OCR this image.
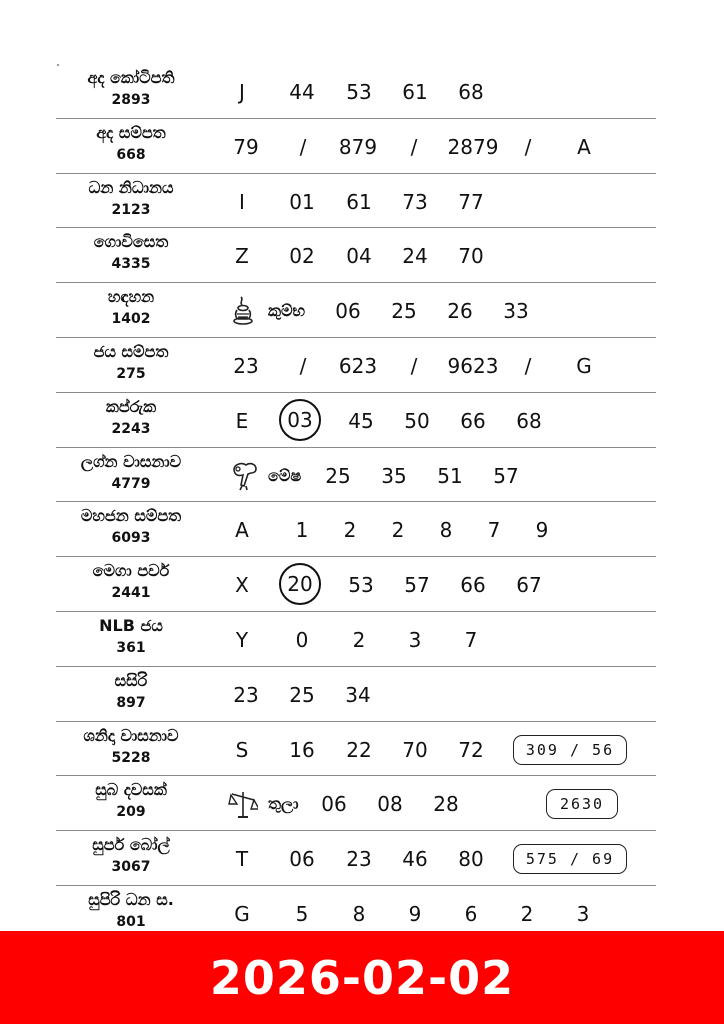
අද කෝටිපති
2893	J 44 53 61 68
අද සම්පත
668	79 / 879 / 2879 / A
ධන නිධානය
2123	I 01 61 73 77
ගොවිසෙත
4335	Z 02 04 24 70
හඳහන
1402	කුම්භ 06 25 26 33
ජය සම්පත
275	23 / 623 / 9623 / G
කප්රුක
2243	E	03	45 50 66 68
ලග්න වාසනාව
4779	මේෂ 25 35 51 57
මහජන සම්පත
6093	A 1 2 2 8 7 9
මෙගා පවර්
2441	X	20	53 57 66 67
NLB ජය
361	Y 0 2 3 7
සසිරි
897	23 25 34
ශනිදා වාසනාව
5228	S 16 22 70 72	309 / 56
සුබ දවසක්
209	තුලා 06 08 28	2630
සුපර් බෝල්
3067	T 06 23 46 80	575 / 69
සුපිරි ධන ස.
801	G 5 8 9 6 2 3
2026-02-02
